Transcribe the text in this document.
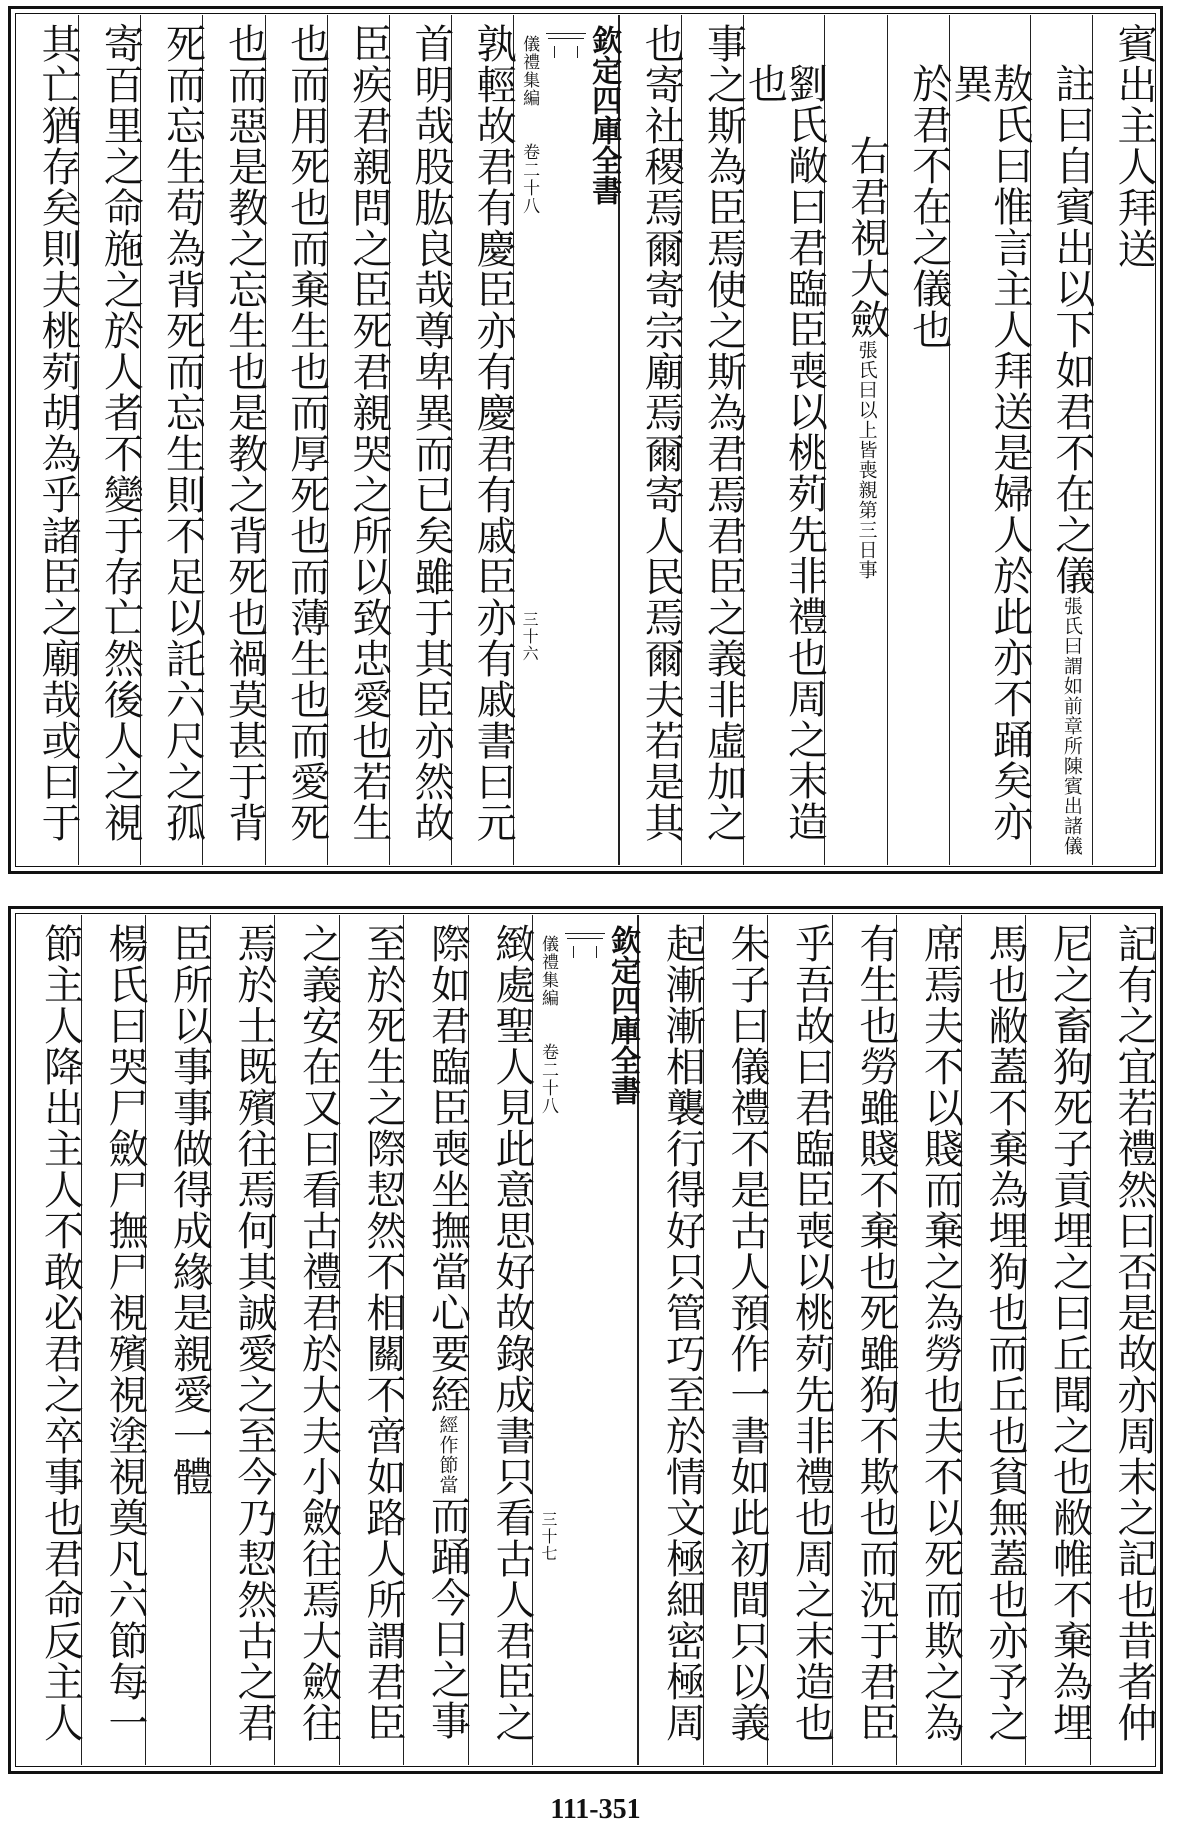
賓出主人拜送
註曰自賓出以下如君不在之儀張氏曰謂如前章所陳賓出諸儀
敖氏曰惟言主人拜送是婦人於此亦不踊矣亦異
於君不在之儀也
右君視大斂張氏曰以上皆喪親第三日事
劉氏敞曰君臨臣喪以桃茢先非禮也周之末造也
事之斯為臣焉使之斯為君焉君臣之義非虛加之
也寄社稷焉爾寄宗廟焉爾寄人民焉爾夫若是其
欽定四庫全書
儀禮集編 卷二十八 三十六
孰輕故君有慶臣亦有慶君有戚臣亦有戚書曰元
首明哉股肱良哉尊卑異而已矣雖于其臣亦然故
臣疾君親問之臣死君親哭之所以致忠愛也若生
也而用死也而棄生也而厚死也而薄生也而愛死
也而惡是教之忘生也是教之背死也禍莫甚于背
死而忘生苟為背死而忘生則不足以託六尺之孤
寄百里之命施之於人者不變于存亡然後人之視
其亡猶存矣則夫桃茢胡為乎諸臣之廟哉或曰于
記有之宜若禮然曰否是故亦周末之記也昔者仲
尼之畜狗死子貢埋之曰丘聞之也敝帷不棄為埋
馬也敝蓋不棄為埋狗也而丘也貧無蓋也亦予之
席焉夫不以賤而棄之為勞也夫不以死而欺之為
有生也勞雖賤不棄也死雖狗不欺也而況于君臣
乎吾故曰君臨臣喪以桃茢先非禮也周之末造也
朱子曰儀禮不是古人預作一書如此初間只以義
起漸漸相襲行得好只管巧至於情文極細密極周
欽定四庫全書
儀禮集編 卷二十八 三十七
緻處聖人見此意思好故錄成書只看古人君臣之
際如君臨臣喪坐撫當心要絰經作節當而踊今日之事
至於死生之際恝然不相關不啻如路人所謂君臣
之義安在又曰看古禮君於大夫小斂往焉大斂往
焉於士既殯往焉何其誠愛之至今乃恝然古之君
臣所以事事做得成緣是親愛一體
楊氏曰哭尸斂尸撫尸視殯視塗視奠凡六節每一
節主人降出主人不敢必君之卒事也君命反主人
111-351
